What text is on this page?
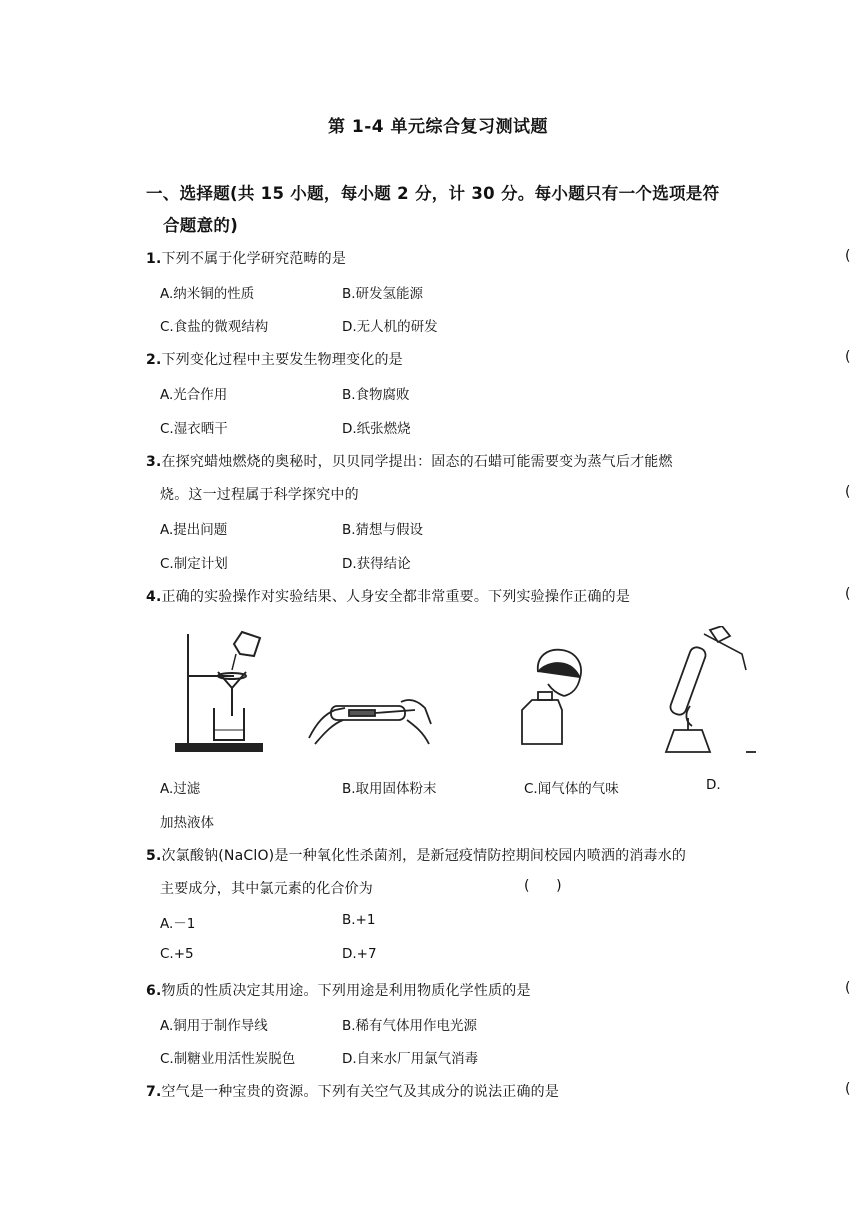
第 1-4 单元综合复习测试题
一、选择题(共 15 小题，每小题 2 分，计 30 分。每小题只有一个选项是符
合题意的)
1.下列不属于化学研究范畴的是	(
A.纳米铜的性质	B.研发氢能源
C.食盐的微观结构	D.无人机的研发
2.下列变化过程中主要发生物理变化的是	(
A.光合作用	B.食物腐败
C.湿衣晒干	D.纸张燃烧
3.在探究蜡烛燃烧的奥秘时，贝贝同学提出：固态的石蜡可能需要变为蒸气后才能燃
烧。这一过程属于科学探究中的	(
A.提出问题	B.猜想与假设
C.制定计划	D.获得结论
4.正确的实验操作对实验结果、人身安全都非常重要。下列实验操作正确的是	(
A.过滤	B.取用固体粉末	C.闻气体的气味	D.
加热液体
5.次氯酸钠(NaClO)是一种氧化性杀菌剂，是新冠疫情防控期间校园内喷洒的消毒水的
主要成分，其中氯元素的化合价为	(      )
A.－1	B.+1
C.+5	D.+7
6.物质的性质决定其用途。下列用途是利用物质化学性质的是	(
A.铜用于制作导线	B.稀有气体用作电光源
C.制糖业用活性炭脱色	D.自来水厂用氯气消毒
7.空气是一种宝贵的资源。下列有关空气及其成分的说法正确的是	(
